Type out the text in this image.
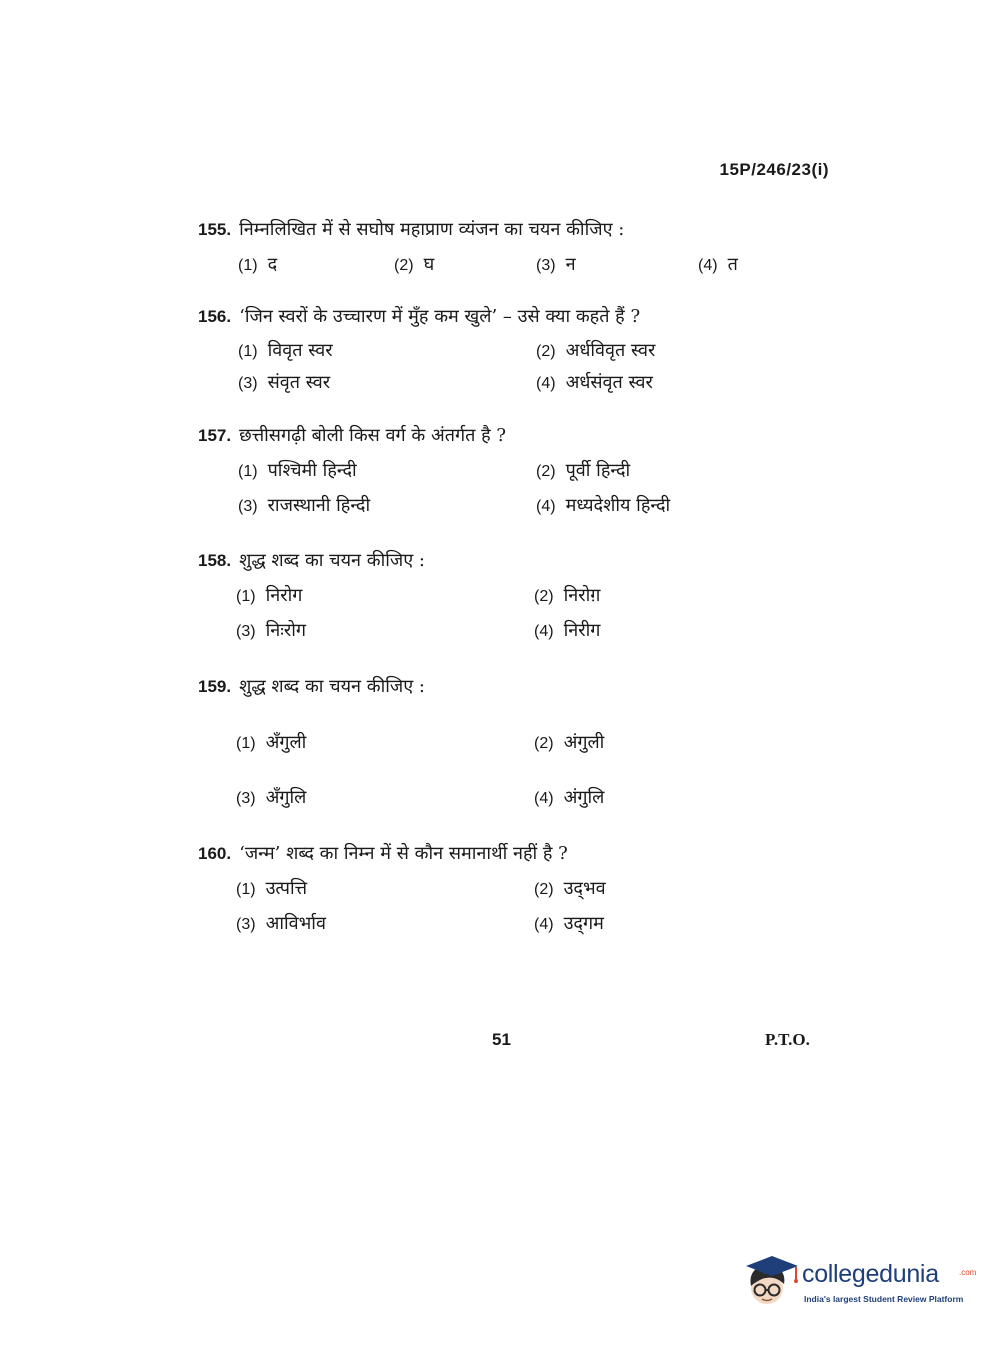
15P/246/23(i)
155. निम्नलिखित में से सघोष महाप्राण व्यंजन का चयन कीजिए :
(1) द	(2) घ	(3) न	(4) त
156. ‘जिन स्वरों के उच्चारण में मुँह कम खुले’ – उसे क्या कहते हैं ?
(1) विवृत स्वर	(2) अर्धविवृत स्वर
(3) संवृत स्वर	(4) अर्धसंवृत स्वर
157. छत्तीसगढ़ी बोली किस वर्ग के अंतर्गत है ?
(1) पश्चिमी हिन्दी	(2) पूर्वी हिन्दी
(3) राजस्थानी हिन्दी	(4) मध्यदेशीय हिन्दी
158. शुद्ध शब्द का चयन कीजिए :
(1) निरोग	(2) निरोग़
(3) निःरोग	(4) निरीग
159. शुद्ध शब्द का चयन कीजिए :
(1) अँगुली	(2) अंगुली
(3) अँगुलि	(4) अंगुलि
160. ‘जन्म’ शब्द का निम्न में से कौन समानार्थी नहीं है ?
(1) उत्पत्ति	(2) उद्‌भव
(3) आविर्भाव	(4) उद्‌गम
51	P.T.O.
collegedunia	.com
India's largest Student Review Platform
